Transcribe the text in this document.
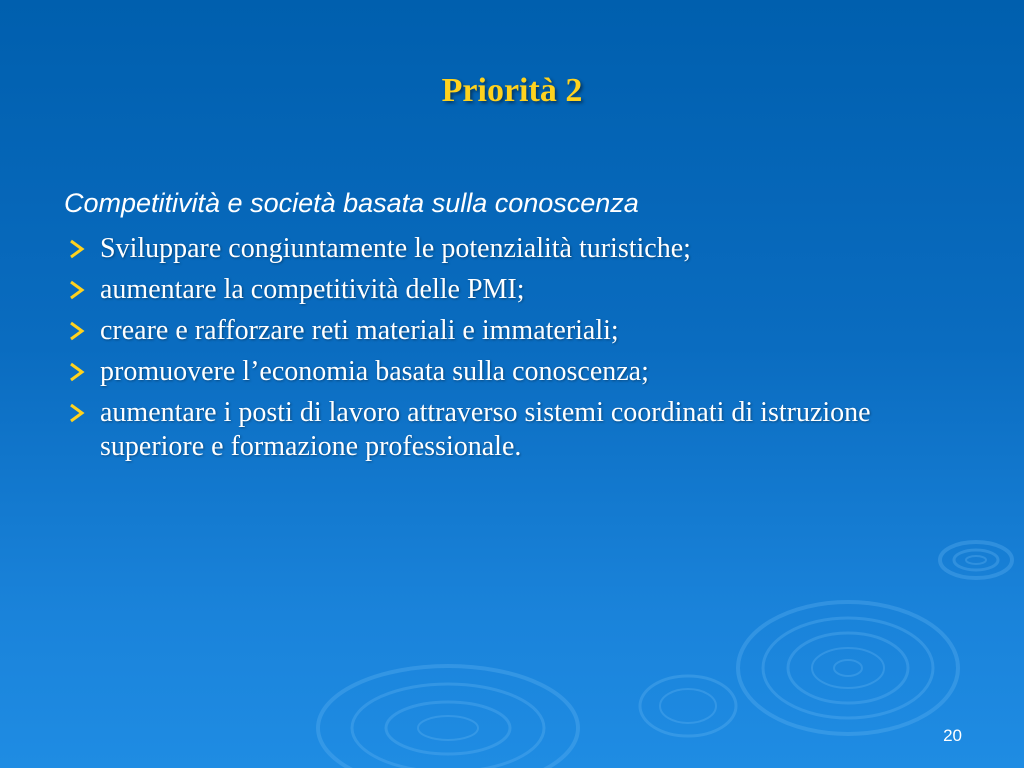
Priorità 2
Competitività e società basata sulla conoscenza
Sviluppare congiuntamente le potenzialità turistiche;
aumentare la competitività delle PMI;
creare e rafforzare reti materiali e immateriali;
promuovere l’economia basata sulla conoscenza;
aumentare i posti di lavoro attraverso sistemi coordinati di istruzione superiore e formazione professionale.
20
